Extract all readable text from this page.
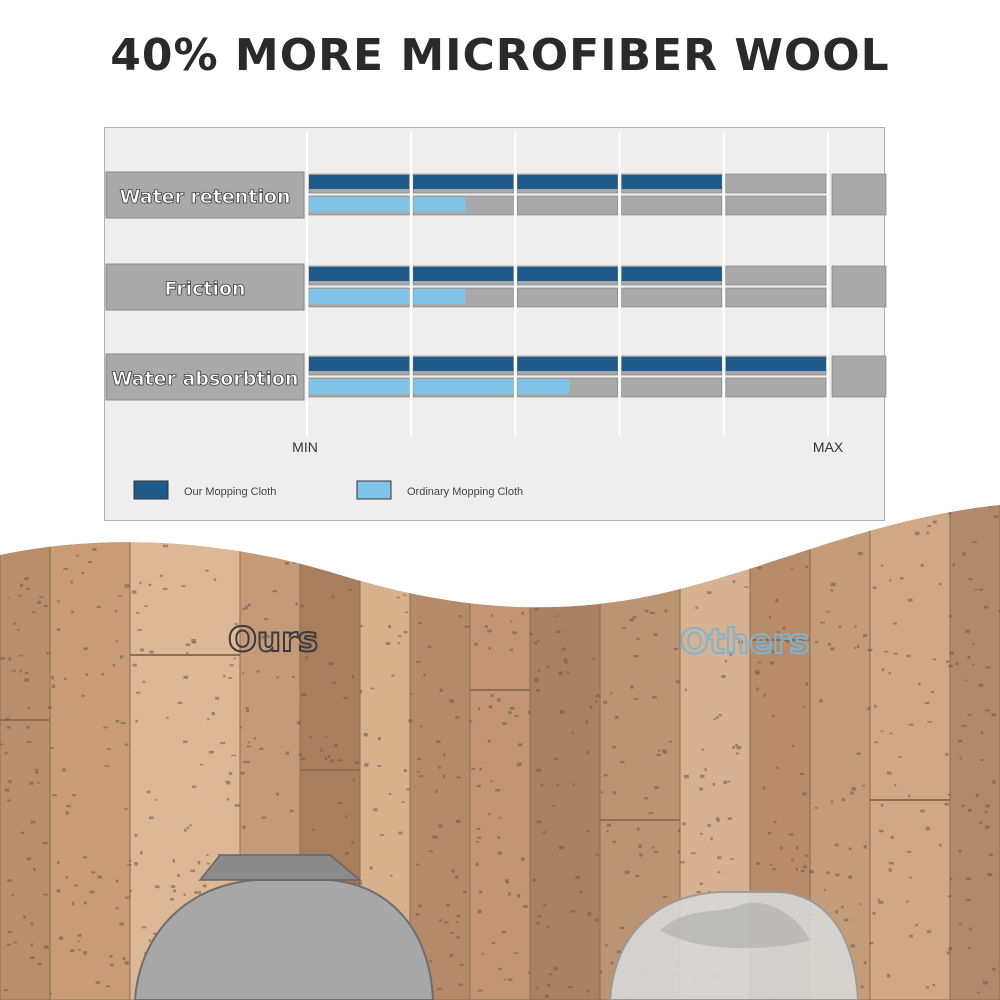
40% MORE MICROFIBER WOOL
Water retention
Friction
Water absorbtion
MIN	MAX
Our Mopping Cloth	Ordinary Mopping Cloth
Ours	Others
